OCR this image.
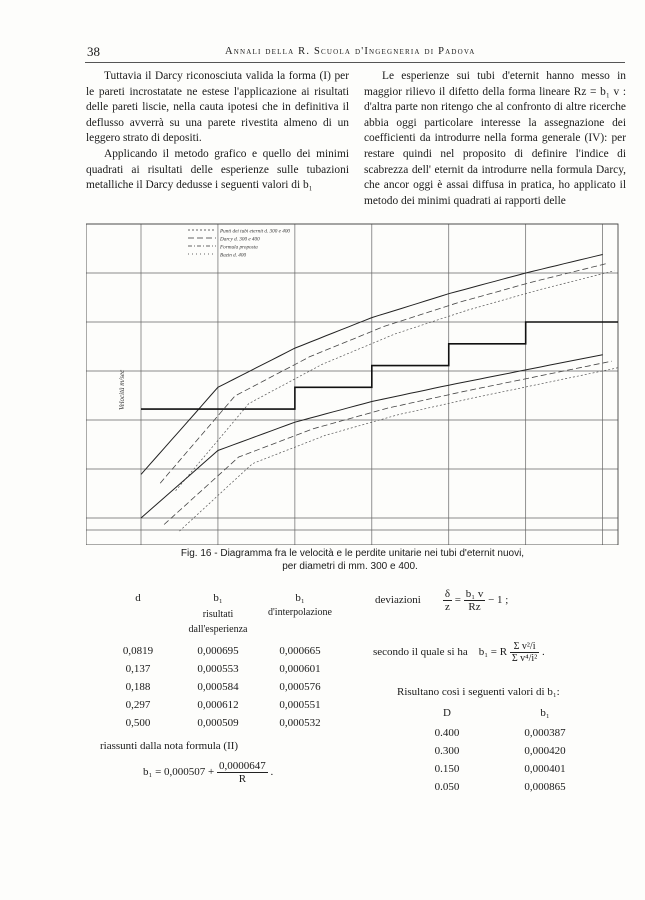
38	Annali della R. Scuola d'Ingegneria di Padova

Tuttavia il Darcy riconosciuta valida la forma (I) per le pareti incrostatate ne estese l'applicazione ai risultati delle pareti liscie, nella cauta ipotesi che in definitiva il deflusso avverrà su una parete rivestita almeno di un leggero strato di depositi.

Applicando il metodo grafico e quello dei minimi quadrati ai risultati delle esperienze sulle tubazioni metalliche il Darcy dedusse i seguenti valori di b₁

Le esperienze sui tubi d'eternit hanno messo in maggior rilievo il difetto della forma lineare Rz = b₁ v : d'altra parte non ritengo che al confronto di altre ricerche abbia oggi particolare interesse la assegnazione dei coefficienti da introdurre nella forma generale (IV): per restare quindi nel proposito di definire l'indice di scabrezza dell' eternit da introdurre nella formula Darcy, che ancor oggi è assai diffusa in pratica, ho applicato il metodo dei minimi quadrati ai rapporti delle

Velocità m/sec
Punti dei tubi eternit d. 300 e 400
Darcy d. 300 e 400
Formula proposta
Bazin d. 400
Fig. 16 - Diagramma fra le velocità e le perdite unitarie nei tubi d'eternit nuovi,
per diametri di mm. 300 e 400.
d	b₁	b₁
risultati dall'esperienza
d'interpolazione
0,0819	0,000695	0,000665
0,137	0,000553	0,000601
0,188	0,000584	0,000576
0,297	0,000612	0,000551
0,500	0,000509	0,000532
riassunti dalla nota formula (II)
$b_1 = 0,000507 + \frac{0,0000647}{R}$ .
deviazioni $\frac{\delta}{z} = \frac{\text{b₁ v}}{Rz} - 1$ ;
secondo il quale si ha b₁ = R $\frac{\text{Σ v²/i}}{\text{Σ v⁴/i²}}$ .
Risultano così i seguenti valori di b₁:
D	b₁
0.400	0,000387
0.300	0,000420
0.150	0,000401
0.050	0,000865
